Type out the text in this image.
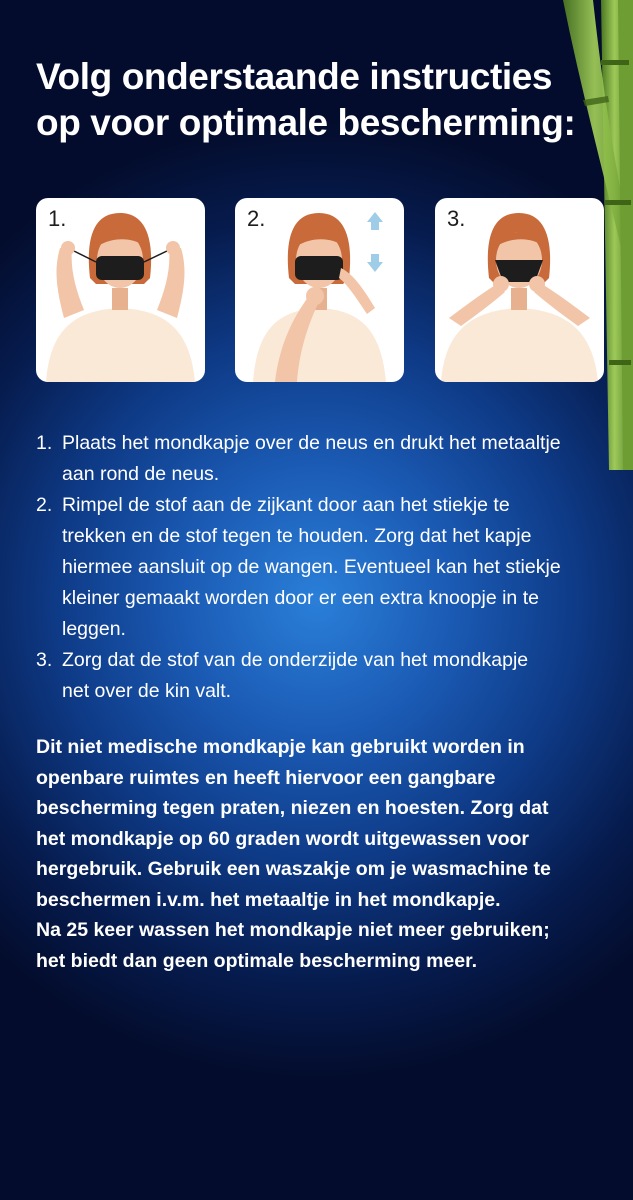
Volg onderstaande instructies
op voor optimale bescherming:
1.	2.	3.
1. Plaats het mondkapje over de neus en drukt het metaaltje
aan rond de neus.
2. Rimpel de stof aan de zijkant door aan het stiekje te
trekken en de stof tegen te houden. Zorg dat het kapje
hiermee aansluit op de wangen. Eventueel kan het stiekje
kleiner gemaakt worden door er een extra knoopje in te
leggen.
3. Zorg dat de stof van de onderzijde van het mondkapje
net over de kin valt.
Dit niet medische mondkapje kan gebruikt worden in
openbare ruimtes en heeft hiervoor een gangbare
bescherming tegen praten, niezen en hoesten. Zorg dat
het mondkapje op 60 graden wordt uitgewassen voor
hergebruik. Gebruik een waszakje om je wasmachine te
beschermen i.v.m. het metaaltje in het mondkapje.
Na 25 keer wassen het mondkapje niet meer gebruiken;
het biedt dan geen optimale bescherming meer.
